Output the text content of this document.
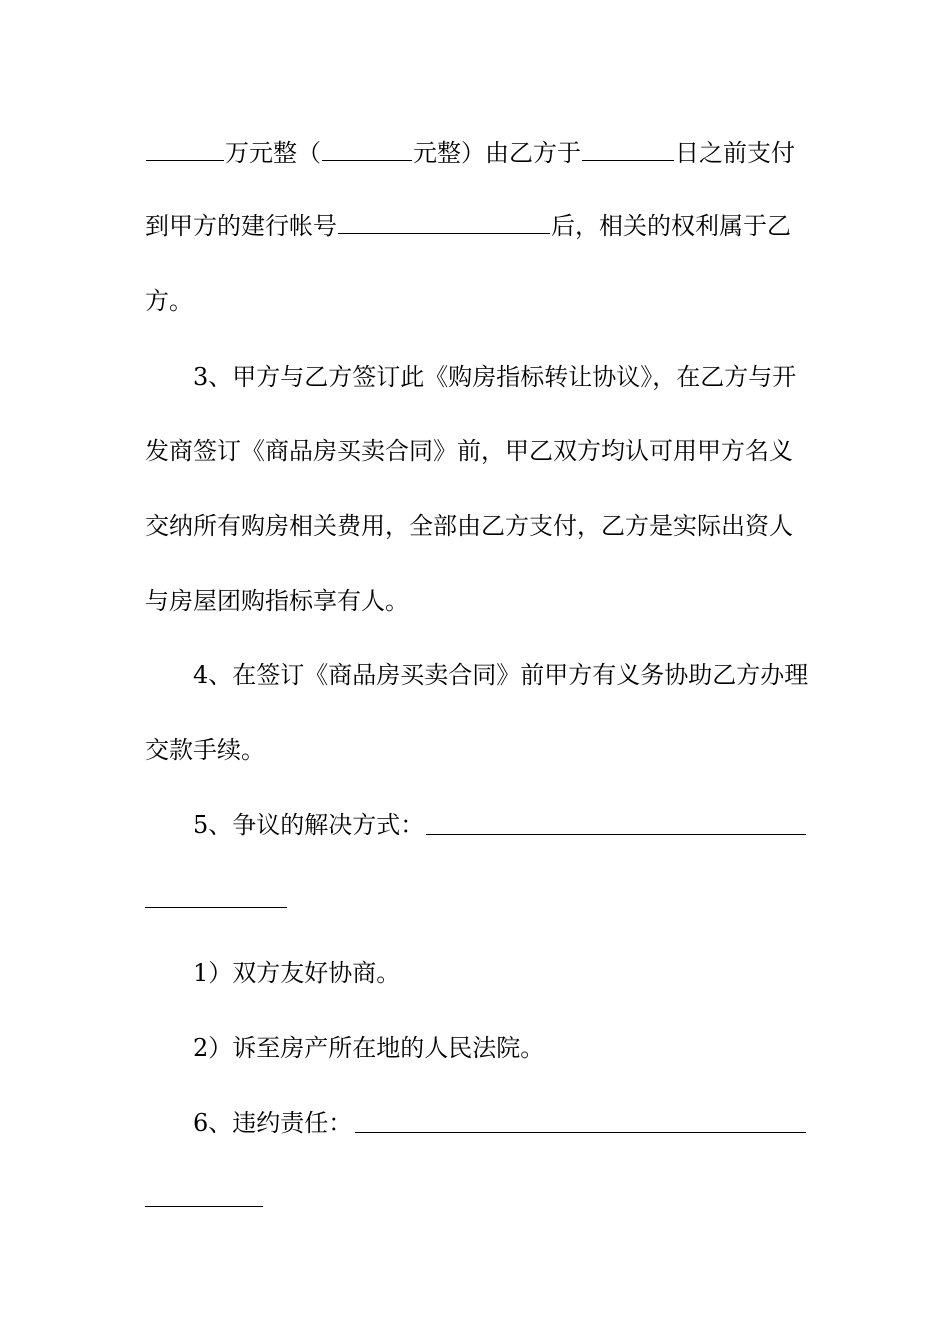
万元整（	元整）由乙方于	日之前支付
到甲方的建行帐号	后，相关的权利属于乙
方。
3、甲方与乙方签订此《购房指标转让协议》，在乙方与开
发商签订《商品房买卖合同》前，甲乙双方均认可用甲方名义
交纳所有购房相关费用，全部由乙方支付，乙方是实际出资人
与房屋团购指标享有人。
4、在签订《商品房买卖合同》前甲方有义务协助乙方办理
交款手续。
5、争议的解决方式：
1）双方友好协商。
2）诉至房产所在地的人民法院。
6、违约责任：
